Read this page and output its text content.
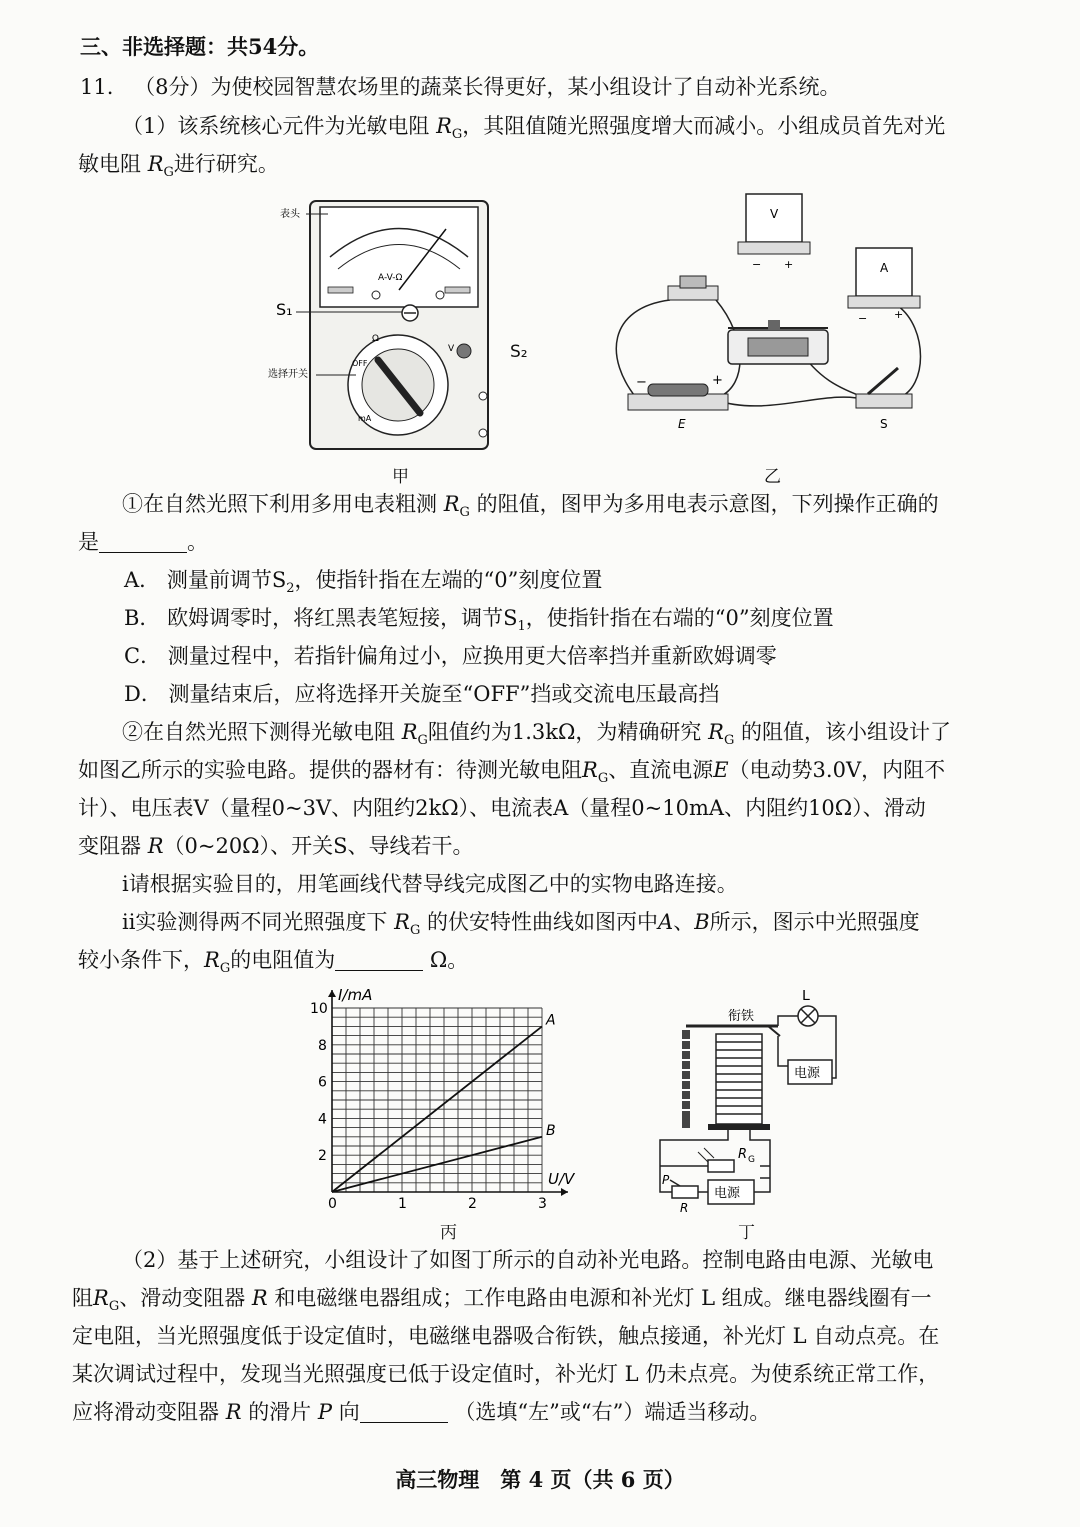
三、非选择题：共54分。
11. （8分）为使校园智慧农场里的蔬菜长得更好，某小组设计了自动补光系统。
（1）该系统核心元件为光敏电阻 $R_G$，其阻值随光照强度增大而减小。小组成员首先对光
敏电阻 $R_G$进行研究。
A-V-Ω
OFF
Ω
V
mA
表头
S₁
选择开关
S₂
甲
V
− +	A
− +
−	+
E	S
乙
①在自然光照下利用多用电表粗测 $R_G$ 的阻值，图甲为多用电表示意图，下列操作正确的
是	。
A． 测量前调节$S_2$，使指针指在左端的“0”刻度位置
B． 欧姆调零时，将红黑表笔短接，调节$S_1$，使指针指在右端的“0”刻度位置
C． 测量过程中，若指针偏角过小，应换用更大倍率挡并重新欧姆调零
D． 测量结束后，应将选择开关旋至“OFF”挡或交流电压最高挡
②在自然光照下测得光敏电阻 $R_G$阻值约为1.3kΩ，为精确研究 $R_G$ 的阻值，该小组设计了
如图乙所示的实验电路。提供的器材有：待测光敏电阻$R_G$、直流电源E（电动势3.0V，内阻不
计）、电压表V（量程0~3V、内阻约2kΩ）、电流表A（量程0~10mA、内阻约10Ω）、滑动
变阻器 R（0~20Ω）、开关S、导线若干。
ⅰ请根据实验目的，用笔画线代替导线完成图乙中的实物电路连接。
ⅱ实验测得两不同光照强度下 $R_G$ 的伏安特性曲线如图丙中A、B所示，图示中光照强度
较小条件下，$R_G$的电阻值为	Ω。
A
B
0	1	2	3
2
4
6
8
10
I/mA
U/V
丙
衔铁
L
电源
R G
P
R
电源
丁
（2）基于上述研究，小组设计了如图丁所示的自动补光电路。控制电路由电源、光敏电
阻$R_G$、滑动变阻器 R 和电磁继电器组成；工作电路由电源和补光灯 L 组成。继电器线圈有一
定电阻，当光照强度低于设定值时，电磁继电器吸合衔铁，触点接通，补光灯 L 自动点亮。在
某次调试过程中，发现当光照强度已低于设定值时，补光灯 L 仍未点亮。为使系统正常工作，
应将滑动变阻器 R 的滑片 P 向	（选填“左”或“右”）端适当移动。
高三物理　第 4 页（共 6 页）
